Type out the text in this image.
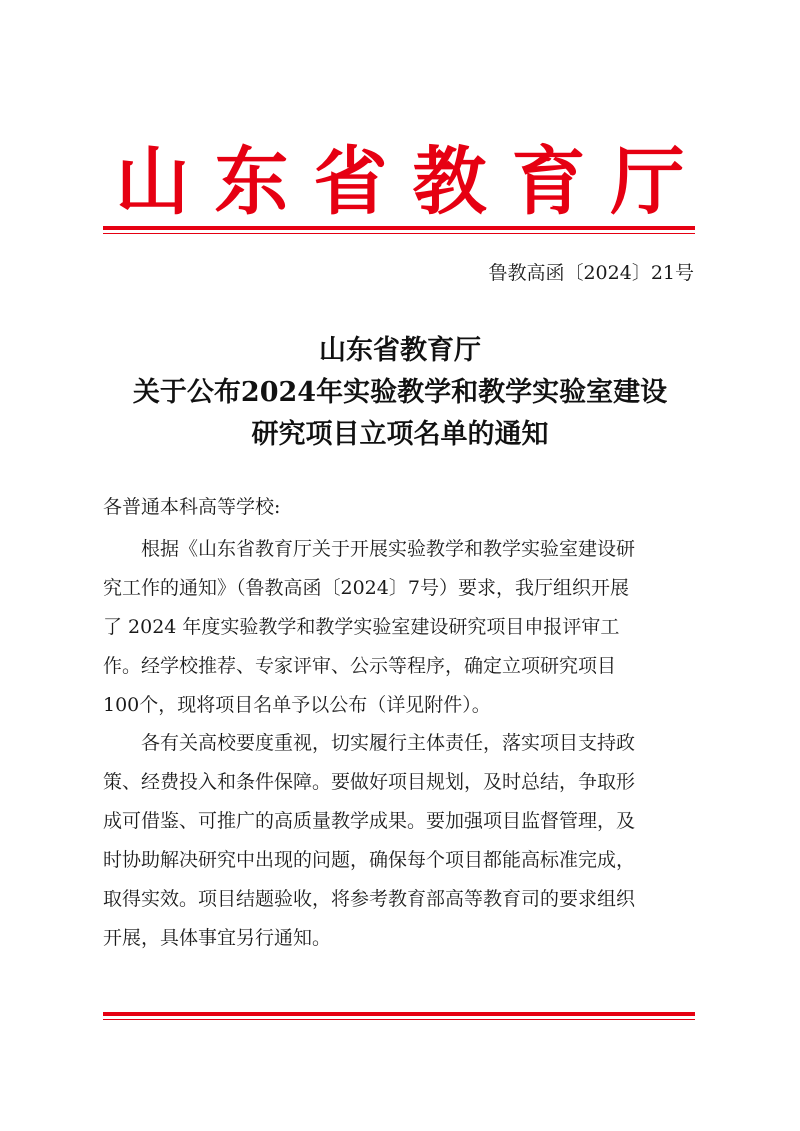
山东省教育厅
鲁教高函〔2024〕21号
山东省教育厅
关于公布2024年实验教学和教学实验室建设
研究项目立项名单的通知
各普通本科高等学校:
　　根据《山东省教育厅关于开展实验教学和教学实验室建设研
究工作的通知》（鲁教高函〔2024〕7号）要求，我厅组织开展
了 2024 年度实验教学和教学实验室建设研究项目申报评审工
作。经学校推荐、专家评审、公示等程序，确定立项研究项目
100个，现将项目名单予以公布（详见附件）。
　　各有关高校要度重视，切实履行主体责任，落实项目支持政
策、经费投入和条件保障。要做好项目规划，及时总结，争取形
成可借鉴、可推广的高质量教学成果。要加强项目监督管理，及
时协助解决研究中出现的问题，确保每个项目都能高标准完成，
取得实效。项目结题验收，将参考教育部高等教育司的要求组织
开展，具体事宜另行通知。
